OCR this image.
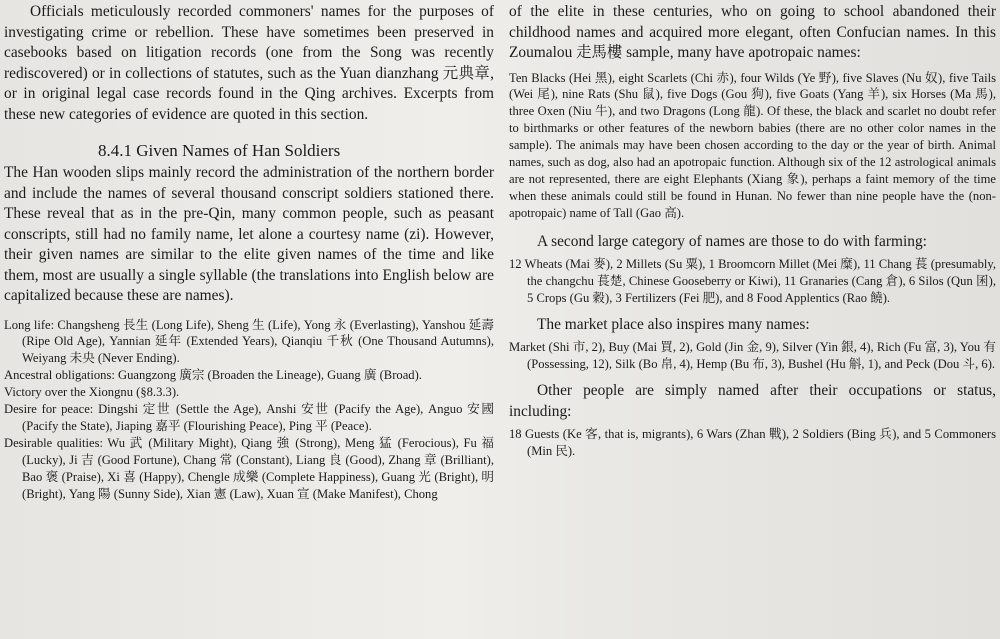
Officials meticulously recorded commoners' names for the purposes of investigating crime or rebellion. These have sometimes been preserved in casebooks based on litigation records (one from the Song was recently rediscovered) or in collections of statutes, such as the Yuan dianzhang 元典章, or in original legal case records found in the Qing archives. Excerpts from these new categories of evidence are quoted in this section.

8.4.1 Given Names of Han Soldiers

The Han wooden slips mainly record the administration of the northern border and include the names of several thousand conscript soldiers stationed there. These reveal that as in the pre-Qin, many common people, such as peasant conscripts, still had no family name, let alone a courtesy name (zi). However, their given names are similar to the elite given names of the time and like them, most are usually a single syllable (the translations into English below are capitalized because these are names).

Long life: Changsheng 長生 (Long Life), Sheng 生 (Life), Yong 永 (Everlasting), Yanshou 延壽 (Ripe Old Age), Yannian 延年 (Extended Years), Qianqiu 千秋 (One Thousand Autumns), Weiyang 未央 (Never Ending).

Ancestral obligations: Guangzong 廣宗 (Broaden the Lineage), Guang 廣 (Broad).

Victory over the Xiongnu (§8.3.3).

Desire for peace: Dingshi 定世 (Settle the Age), Anshi 安世 (Pacify the Age), Anguo 安國 (Pacify the State), Jiaping 嘉平 (Flourishing Peace), Ping 平 (Peace).

Desirable qualities: Wu 武 (Military Might), Qiang 強 (Strong), Meng 猛 (Ferocious), Fu 福 (Lucky), Ji 吉 (Good Fortune), Chang 常 (Constant), Liang 良 (Good), Zhang 章 (Brilliant), Bao 褒 (Praise), Xi 喜 (Happy), Chengle 成樂 (Complete Happiness), Guang 光 (Bright), 明 (Bright), Yang 陽 (Sunny Side), Xian 憲 (Law), Xuan 宣 (Make Manifest), Chong

of the elite in these centuries, who on going to school abandoned their childhood names and acquired more elegant, often Confucian names. In this Zoumalou 走馬樓 sample, many have apotropaic names:

Ten Blacks (Hei 黑), eight Scarlets (Chi 赤), four Wilds (Ye 野), five Slaves (Nu 奴), five Tails (Wei 尾), nine Rats (Shu 鼠), five Dogs (Gou 狗), five Goats (Yang 羊), six Horses (Ma 馬), three Oxen (Niu 牛), and two Dragons (Long 龍). Of these, the black and scarlet no doubt refer to birthmarks or other features of the newborn babies (there are no other color names in the sample). The animals may have been chosen according to the day or the year of birth. Animal names, such as dog, also had an apotropaic function. Although six of the 12 astrological animals are not represented, there are eight Elephants (Xiang 象), perhaps a faint memory of the time when these animals could still be found in Hunan. No fewer than nine people have the (non-apotropaic) name of Tall (Gao 高).

A second large category of names are those to do with farming:

12 Wheats (Mai 麥), 2 Millets (Su 粟), 1 Broomcorn Millet (Mei 糜), 11 Chang 萇 (presumably, the changchu 萇楚, Chinese Gooseberry or Kiwi), 11 Granaries (Cang 倉), 6 Silos (Qun 囷), 5 Crops (Gu 穀), 3 Fertilizers (Fei 肥), and 8 Food Applentics (Rao 饒).

The market place also inspires many names:

Market (Shi 市, 2), Buy (Mai 買, 2), Gold (Jin 金, 9), Silver (Yin 銀, 4), Rich (Fu 富, 3), You 有 (Possessing, 12), Silk (Bo 帛, 4), Hemp (Bu 布, 3), Bushel (Hu 斛, 1), and Peck (Dou 斗, 6).

Other people are simply named after their occupations or status, including:

18 Guests (Ke 客, that is, migrants), 6 Wars (Zhan 戰), 2 Soldiers (Bing 兵), and 5 Commoners (Min 民).
